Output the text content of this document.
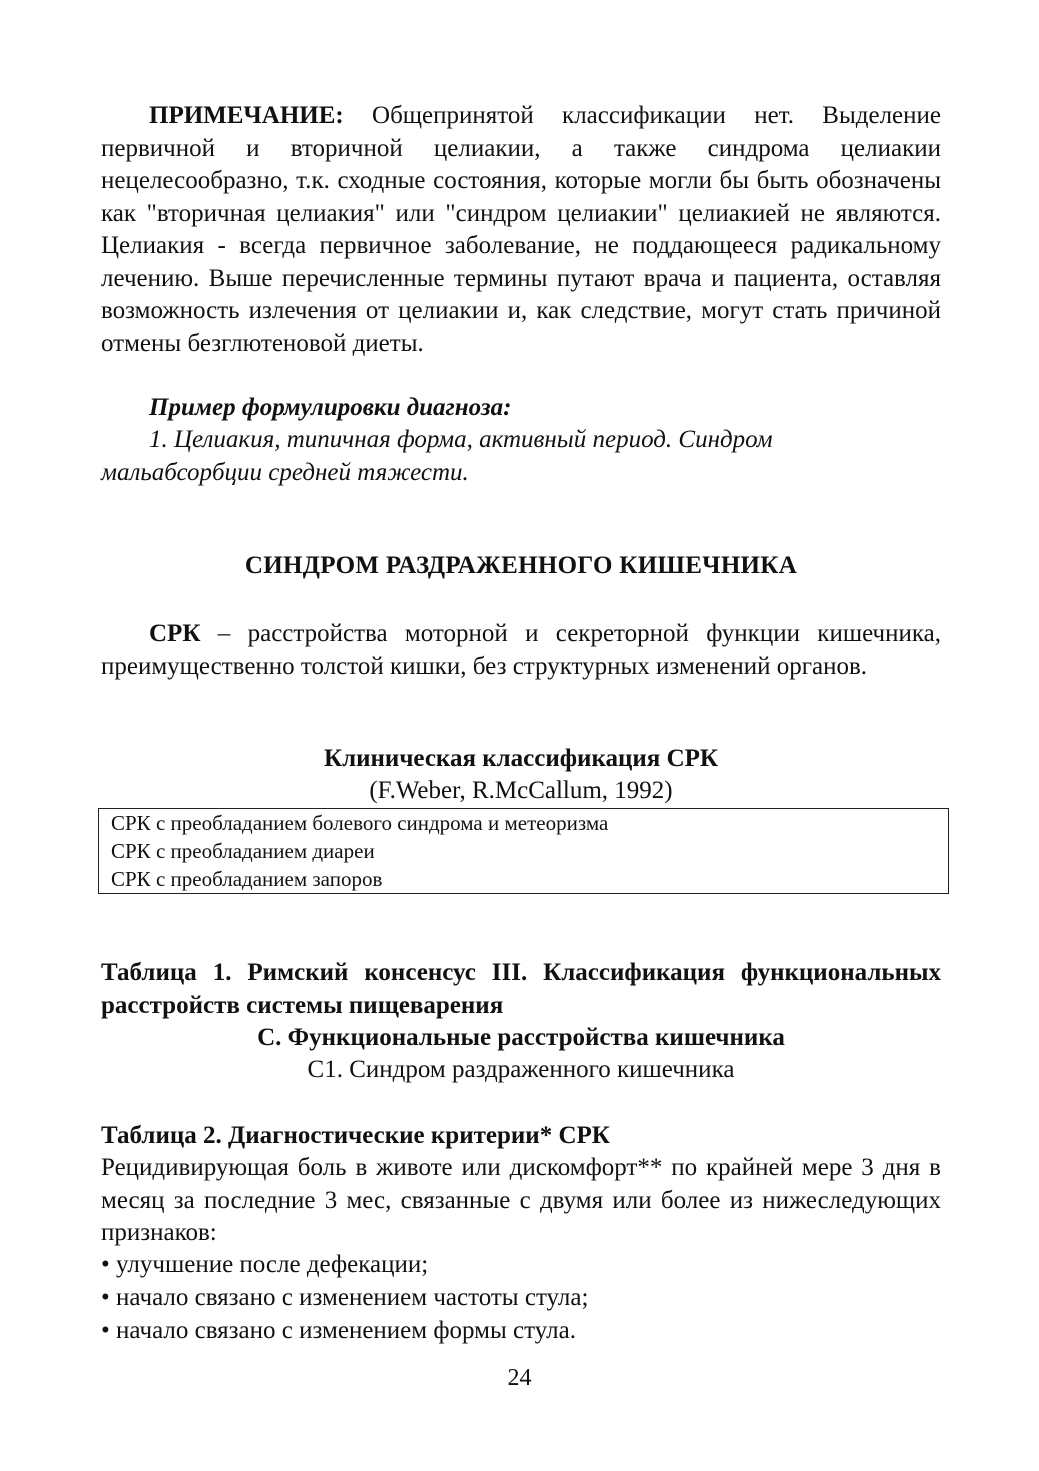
ПРИМЕЧАНИЕ: Общепринятой классификации нет. Выделение первичной и вторичной целиакии, а также синдрома целиакии нецелесообразно, т.к. сходные состояния, которые могли бы быть обозначены как "вторичная целиакия" или "синдром целиакии" целиакией не являются. Целиакия - всегда первичное заболевание, не поддающееся радикальному лечению. Выше перечисленные термины путают врача и пациента, оставляя возможность излечения от целиакии и, как следствие, могут стать причиной отмены безглютеновой диеты.

Пример формулировки диагноза:

1. Целиакия, типичная форма, активный период. Синдром мальабсорбции средней тяжести.

СИНДРОМ РАЗДРАЖЕННОГО КИШЕЧНИКА

СРК – расстройства моторной и секреторной функции кишечника, преимущественно толстой кишки, без структурных изменений органов.

Клиническая классификация СРК

(F.Weber, R.McCallum, 1992)

СРК с преобладанием болевого синдрома и метеоризма
СРК с преобладанием диареи
СРК с преобладанием запоров

Таблица 1. Римский консенсус III. Классификация функциональных расстройств системы пищеварения

С. Функциональные расстройства кишечника

С1. Синдром раздраженного кишечника

Таблица 2. Диагностические критерии* СРК

Рецидивирующая боль в животе или дискомфорт** по крайней мере 3 дня в месяц за последние 3 мес, связанные с двумя или более из нижеследующих признаков:

• улучшение после дефекации;

• начало связано с изменением частоты стула;

• начало связано с изменением формы стула.

24
